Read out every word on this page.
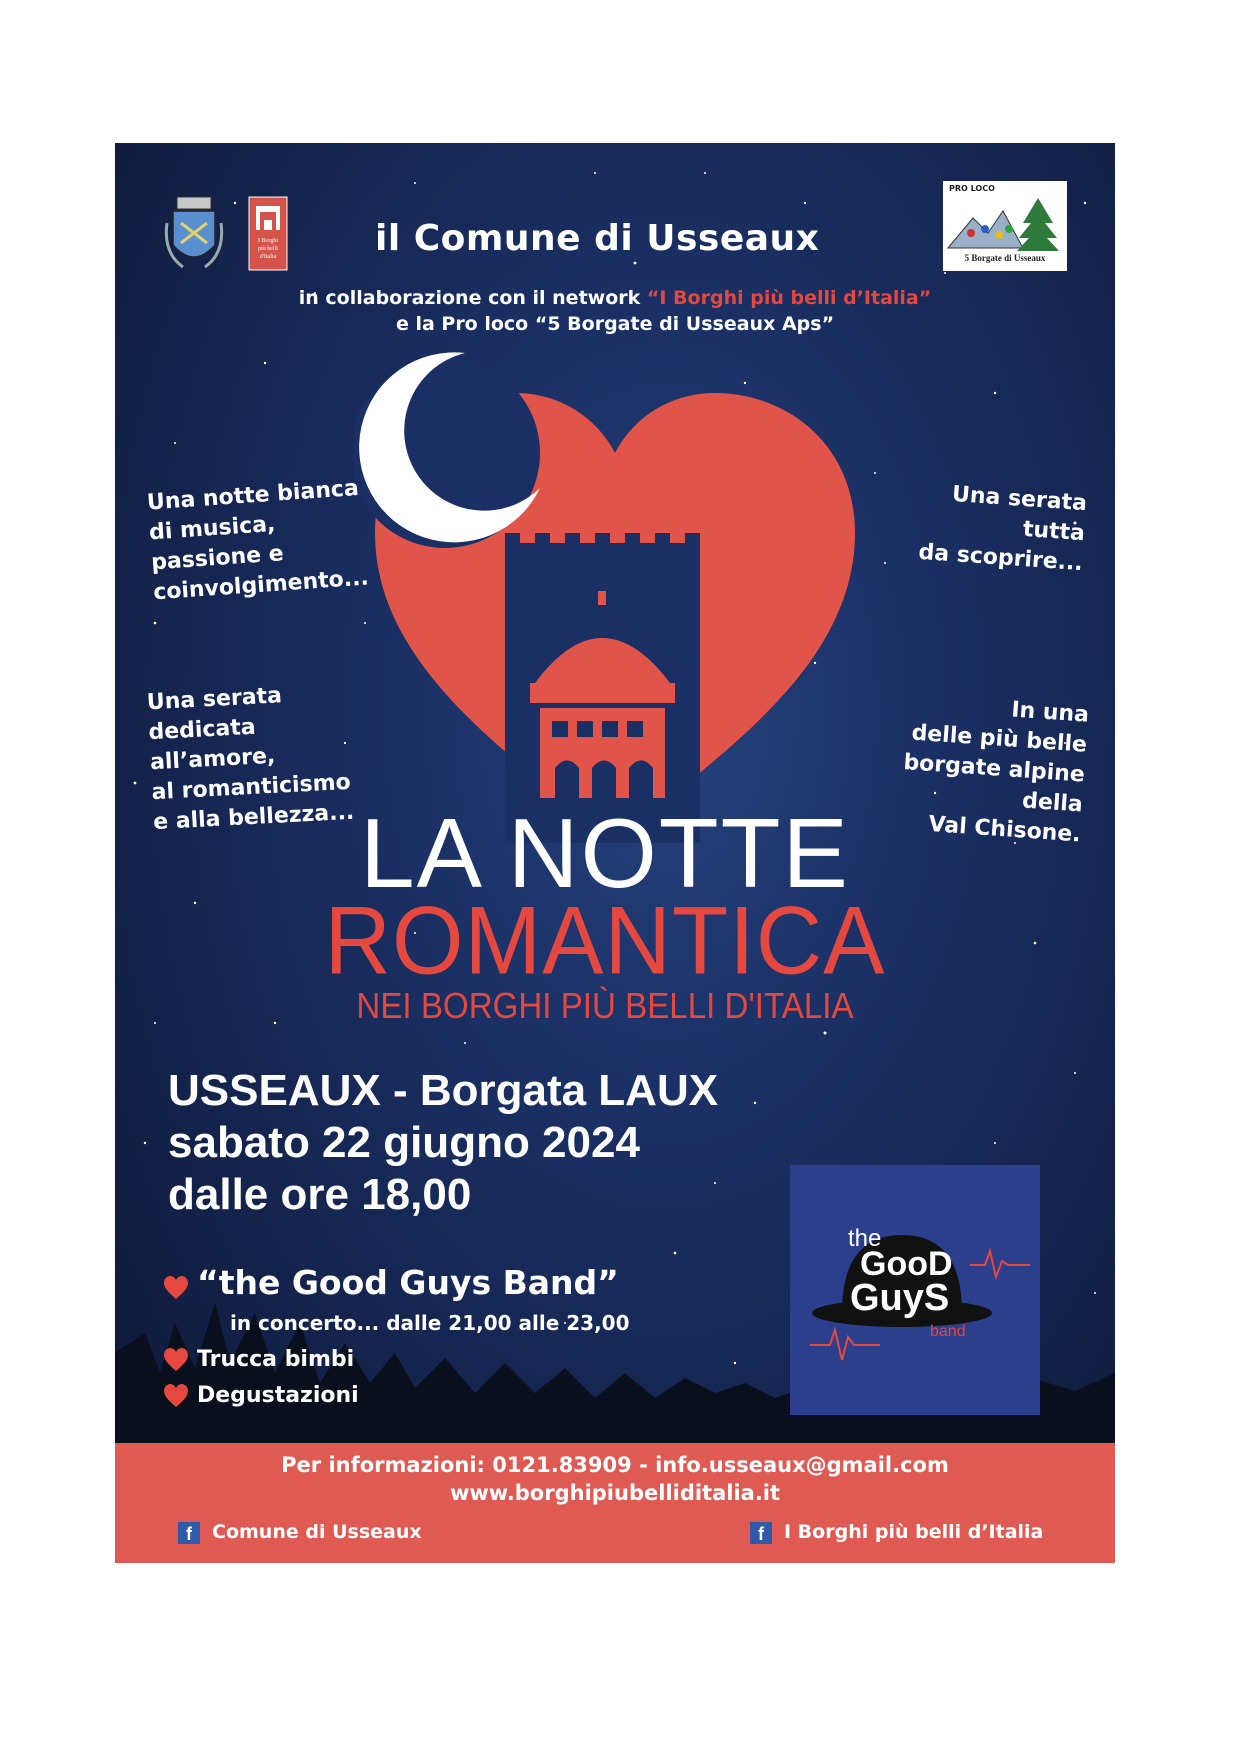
I Borghi
più belli
d'Italia	il Comune di Usseaux
PRO LOCO
5 Borgate di Usseaux
in collaborazione con il network “I Borghi più belli d’Italia”
e la Pro loco “5 Borgate di Usseaux Aps”
Una notte bianca
di musica,
passione e
coinvolgimento...
Una serata
dedicata
all’amore,
al romanticismo
e alla bellezza...
Una serata
tutta
da scoprire...
In una
delle più belle
borgate alpine
della
Val Chisone.
LA NOTTE
ROMANTICA
NEI BORGHI PIÙ BELLI D'ITALIA
USSEAUX - Borgata LAUX
sabato 22 giugno 2024
dalle ore 18,00
“the Good Guys Band”
in concerto... dalle 21,00 alle 23,00
Trucca bimbi
Degustazioni
the
GooD
GuyS
band
Per informazioni: 0121.83909 - info.usseaux@gmail.com
www.borghipiubelliditalia.it
f Comune di Usseaux	f I Borghi più belli d’Italia
